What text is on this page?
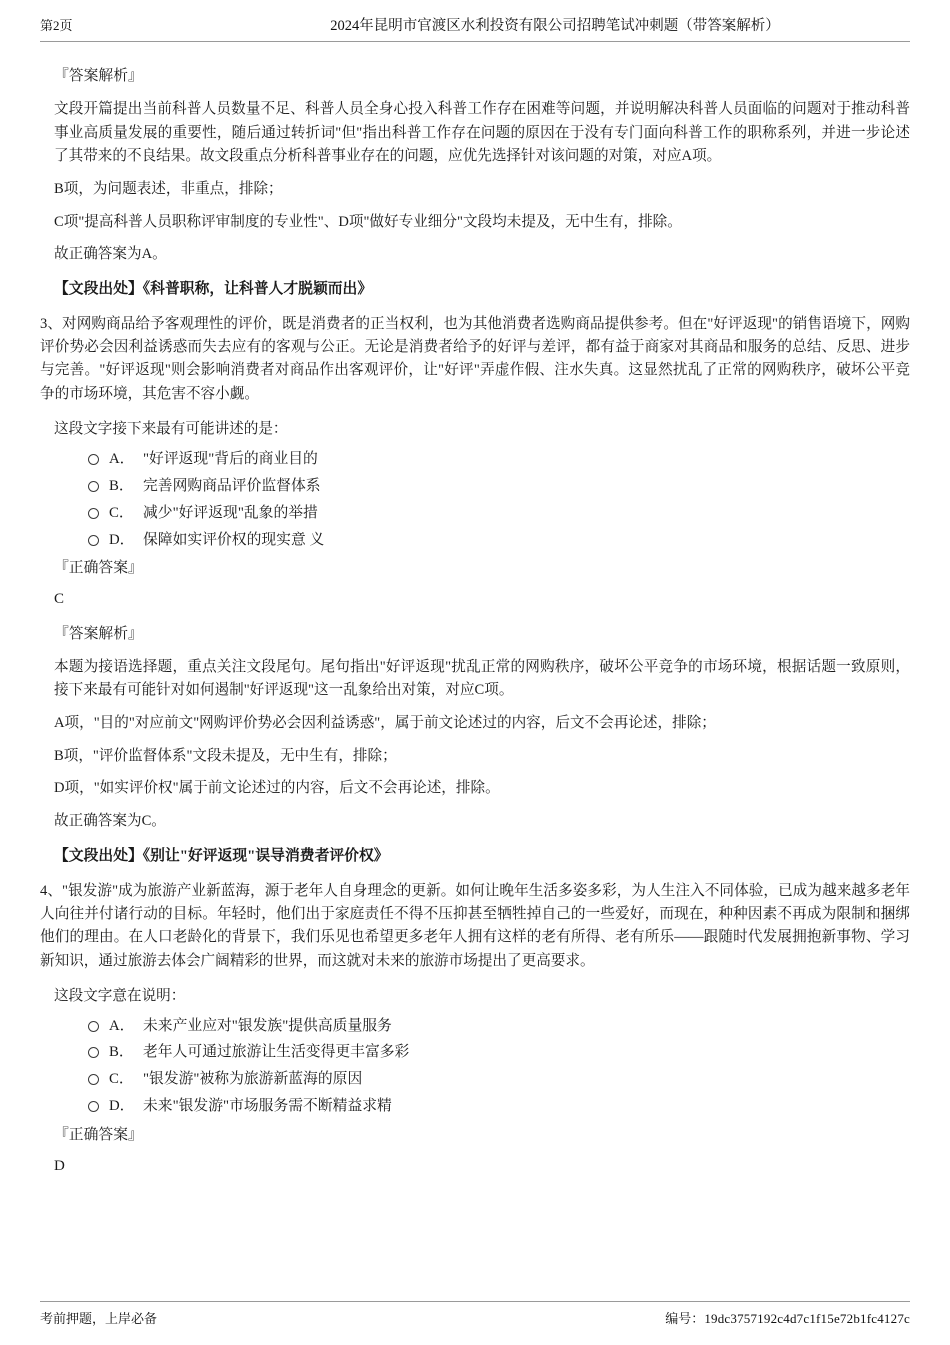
第2页	2024年昆明市官渡区水利投资有限公司招聘笔试冲刺题（带答案解析）
『答案解析』

文段开篇提出当前科普人员数量不足、科普人员全身心投入科普工作存在困难等问题，并说明解决科普人员面临的问题对于推动科普事业高质量发展的重要性，随后通过转折词"但"指出科普工作存在问题的原因在于没有专门面向科普工作的职称系列，并进一步论述了其带来的不良结果。故文段重点分析科普事业存在的问题，应优先选择针对该问题的对策，对应A项。

B项，为问题表述，非重点，排除；

C项"提高科普人员职称评审制度的专业性"、D项"做好专业细分"文段均未提及，无中生有，排除。

故正确答案为A。

【文段出处】《科普职称，让科普人才脱颖而出》

3、对网购商品给予客观理性的评价，既是消费者的正当权利，也为其他消费者选购商品提供参考。但在"好评返现"的销售语境下，网购评价势必会因利益诱惑而失去应有的客观与公正。无论是消费者给予的好评与差评，都有益于商家对其商品和服务的总结、反思、进步与完善。"好评返现"则会影响消费者对商品作出客观评价，让"好评"弄虚作假、注水失真。这显然扰乱了正常的网购秩序，破坏公平竞争的市场环境，其危害不容小觑。

这段文字接下来最有可能讲述的是：

A． "好评返现"背后的商业目的
B． 完善网购商品评价监督体系
C． 减少"好评返现"乱象的举措
D． 保障如实评价权的现实意 义
『正确答案』
C
『答案解析』

本题为接语选择题，重点关注文段尾句。尾句指出"好评返现"扰乱正常的网购秩序，破坏公平竞争的市场环境，根据话题一致原则，接下来最有可能针对如何遏制"好评返现"这一乱象给出对策，对应C项。

A项，"目的"对应前文"网购评价势必会因利益诱惑"，属于前文论述过的内容，后文不会再论述，排除；

B项，"评价监督体系"文段未提及，无中生有，排除；

D项，"如实评价权"属于前文论述过的内容，后文不会再论述，排除。

故正确答案为C。

【文段出处】《别让"好评返现"误导消费者评价权》

4、"银发游"成为旅游产业新蓝海，源于老年人自身理念的更新。如何让晚年生活多姿多彩，为人生注入不同体验，已成为越来越多老年人向往并付诸行动的目标。年轻时，他们出于家庭责任不得不压抑甚至牺牲掉自己的一些爱好，而现在，种种因素不再成为限制和捆绑他们的理由。在人口老龄化的背景下，我们乐见也希望更多老年人拥有这样的老有所得、老有所乐——跟随时代发展拥抱新事物、学习新知识，通过旅游去体会广阔精彩的世界，而这就对未来的旅游市场提出了更高要求。

这段文字意在说明：

A． 未来产业应对"银发族"提供高质量服务
B． 老年人可通过旅游让生活变得更丰富多彩
C． "银发游"被称为旅游新蓝海的原因
D． 未来"银发游"市场服务需不断精益求精
『正确答案』
D
考前押题，上岸必备	编号：19dc3757192c4d7c1f15e72b1fc4127c
